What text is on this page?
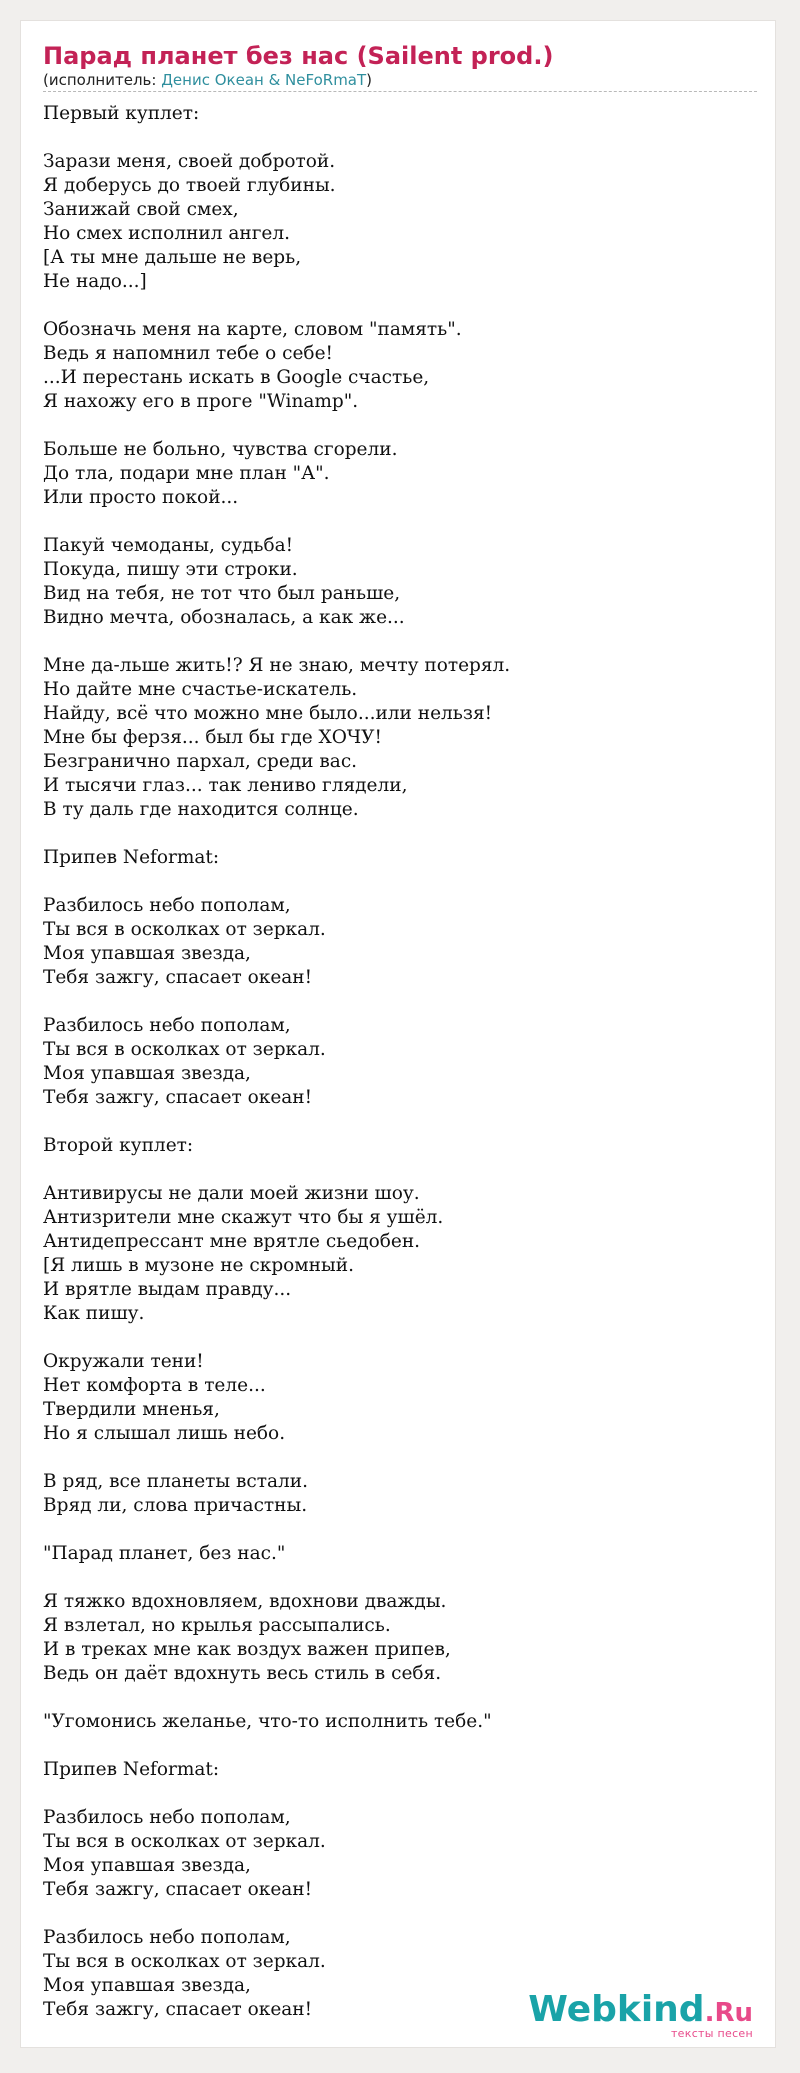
Парад планет без нас (Sailent prod.)

(исполнитель: Денис Океан & NeFoRmaT)

Первый куплет:

Зарази меня, своей добротой.
Я доберусь до твоей глубины.
Занижай свой смех,
Но смех исполнил ангел.
[А ты мне дальше не верь,
Не надо...]

Обозначь меня на карте, словом "память".
Ведь я напомнил тебе о себе!
...И перестань искать в Google счастье,
Я нахожу его в проге "Winamp".

Больше не больно, чувства сгорели.
До тла, подари мне план "А".
Или просто покой...

Пакуй чемоданы, судьба!
Покуда, пишу эти строки.
Вид на тебя, не тот что был раньше,
Видно мечта, обозналась, а как же...

Мне да-льше жить!? Я не знаю, мечту потерял.
Но дайте мне счастье-искатель.
Найду, всё что можно мне было...или нельзя!
Мне бы ферзя... был бы где ХОЧУ!
Безгранично пархал, среди вас.
И тысячи глаз... так лениво глядели,
В ту даль где находится солнце.

Припев Neformat:

Разбилось небо пополам,
Ты вся в осколках от зеркал.
Моя упавшая звезда,
Тебя зажгу, спасает океан!

Разбилось небо пополам,
Ты вся в осколках от зеркал.
Моя упавшая звезда,
Тебя зажгу, спасает океан!

Второй куплет:

Антивирусы не дали моей жизни шоу.
Антизрители мне скажут что бы я ушёл.
Антидепрессант мне врятле сьедобен.
[Я лишь в музоне не скромный.
И врятле выдам правду...
Как пишу.

Окружали тени!
Нет комфорта в теле...
Твердили мненья,
Но я слышал лишь небо.

В ряд, все планеты встали.
Вряд ли, слова причастны.

"Парад планет, без нас."

Я тяжко вдохновляем, вдохнови дважды.
Я взлетал, но крылья рассыпались.
И в треках мне как воздух важен припев,
Ведь он даёт вдохнуть весь стиль в себя.

"Угомонись желанье, что-то исполнить тебе."

Припев Neformat:

Разбилось небо пополам,
Ты вся в осколках от зеркал.
Моя упавшая звезда,
Тебя зажгу, спасает океан!

Разбилось небо пополам,
Ты вся в осколках от зеркал.
Моя упавшая звезда,
Тебя зажгу, спасает океан!	Webkind.Ru
тексты песен
